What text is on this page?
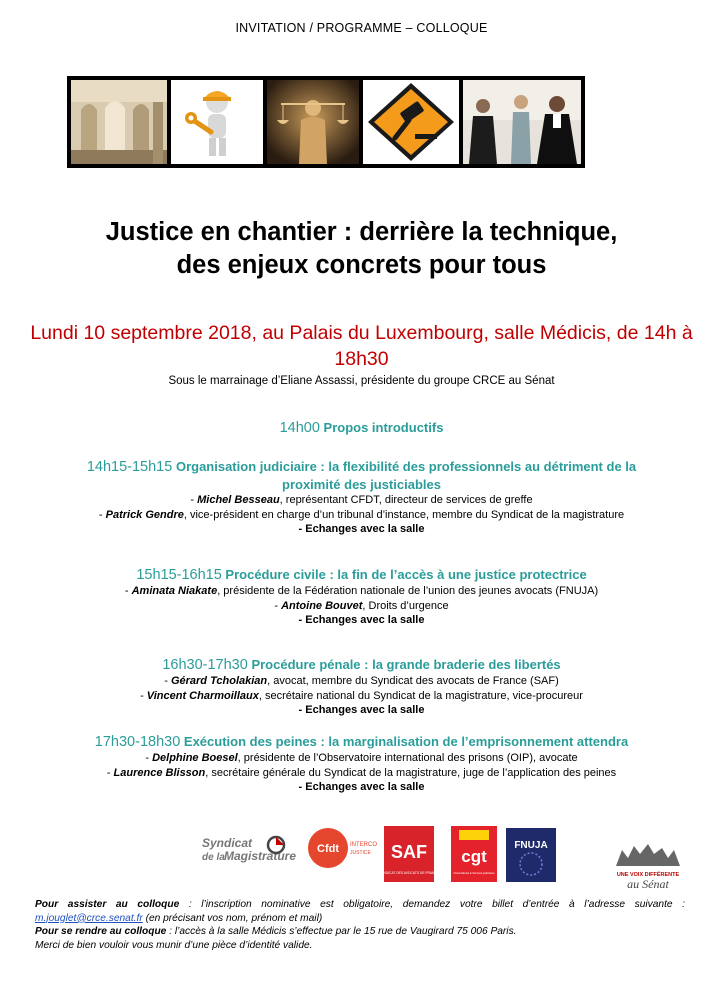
INVITATION / PROGRAMME – COLLOQUE
Justice en chantier : derrière la technique,
des enjeux concrets pour tous
Lundi 10 septembre 2018, au Palais du Luxembourg, salle Médicis, de 14h à 18h30
Sous le marrainage d’Eliane Assassi, présidente du groupe CRCE au Sénat
14h00 Propos introductifs
14h15-15h15 Organisation judiciaire : la flexibilité des professionnels au détriment de la
proximité des justiciables
- Michel Besseau, représentant CFDT, directeur de services de greffe
- Patrick Gendre, vice-président en charge d’un tribunal d’instance, membre du Syndicat de la magistrature
- Echanges avec la salle
15h15-16h15 Procédure civile : la fin de l’accès à une justice protectrice
- Aminata Niakate, présidente de la Fédération nationale de l’union des jeunes avocats (FNUJA)
- Antoine Bouvet, Droits d’urgence
- Echanges avec la salle
16h30-17h30 Procédure pénale : la grande braderie des libertés
- Gérard Tcholakian, avocat, membre du Syndicat des avocats de France (SAF)
- Vincent Charmoillaux, secrétaire national du Syndicat de la magistrature, vice-procureur
- Echanges avec la salle
17h30-18h30 Exécution des peines : la marginalisation de l’emprisonnement attendra
- Delphine Boesel, présidente de l’Observatoire international des prisons (OIP), avocate
- Laurence Blisson, secrétaire générale du Syndicat de la magistrature, juge de l’application des peines
- Echanges avec la salle
Syndicat
de la Magistrature Cfdt INTERCO
JUSTICE SAF
SYNDICAT DES AVOCATS DE FRANCE
cgt
Chancelleries & Services judiciaires
FNUJA
UNE VOIX DIFFÉRENTE
au Sénat
Pour assister au colloque : l’inscription nominative est obligatoire, demandez votre billet d’entrée à l’adresse suivante :
m.jouglet@crce.senat.fr (en précisant vos nom, prénom et mail)
Pour se rendre au colloque : l’accès à la salle Médicis s’effectue par le 15 rue de Vaugirard 75 006 Paris.
Merci de bien vouloir vous munir d’une pièce d’identité valide.
